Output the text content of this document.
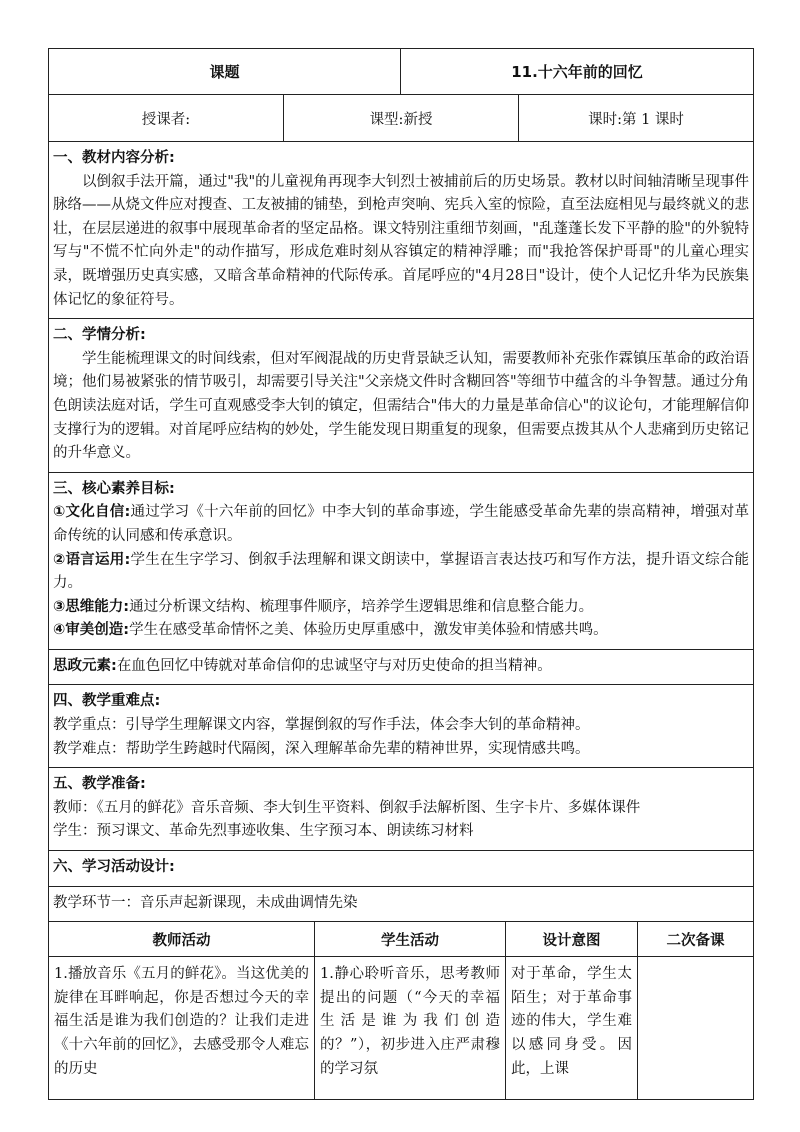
课题		11.十六年前的回忆	
授课者:	课型:新授		课时:第 1 课时

一、教材内容分析:

以倒叙手法开篇，通过"我"的儿童视角再现李大钊烈士被捕前后的历史场景。教材以时间轴清晰呈现事件脉络——从烧文件应对搜查、工友被捕的铺垫，到枪声突响、宪兵入室的惊险，直至法庭相见与最终就义的悲壮，在层层递进的叙事中展现革命者的坚定品格。课文特别注重细节刻画，"乱蓬蓬长发下平静的脸"的外貌特写与"不慌不忙向外走"的动作描写，形成危难时刻从容镇定的精神浮雕；而"我抢答保护哥哥"的儿童心理实录，既增强历史真实感，又暗含革命精神的代际传承。首尾呼应的"4月28日"设计，使个人记忆升华为民族集体记忆的象征符号。			

二、学情分析:

学生能梳理课文的时间线索，但对军阀混战的历史背景缺乏认知，需要教师补充张作霖镇压革命的政治语境；他们易被紧张的情节吸引，却需要引导关注"父亲烧文件时含糊回答"等细节中蕴含的斗争智慧。通过分角色朗读法庭对话，学生可直观感受李大钊的镇定，但需结合"伟大的力量是革命信心"的议论句，才能理解信仰支撑行为的逻辑。对首尾呼应结构的妙处，学生能发现日期重复的现象，但需要点拨其从个人悲痛到历史铭记的升华意义。			

三、核心素养目标:

①文化自信:通过学习《十六年前的回忆》中李大钊的革命事迹，学生能感受革命先辈的崇高精神，增强对革命传统的认同感和传承意识。

②语言运用:学生在生字学习、倒叙手法理解和课文朗读中，掌握语言表达技巧和写作方法，提升语文综合能力。

③思维能力:通过分析课文结构、梳理事件顺序，培养学生逻辑思维和信息整合能力。

④审美创造:学生在感受革命情怀之美、体验历史厚重感中，激发审美体验和情感共鸣。			

思政元素:在血色回忆中铸就对革命信仰的忠诚坚守与对历史使命的担当精神。			

四、教学重难点:

教学重点：引导学生理解课文内容，掌握倒叙的写作手法，体会李大钊的革命精神。

教学难点：帮助学生跨越时代隔阂，深入理解革命先辈的精神世界，实现情感共鸣。			

五、教学准备:

教师：《五月的鲜花》音乐音频、李大钊生平资料、倒叙手法解析图、生字卡片、多媒体课件

学生：预习课文、革命先烈事迹收集、生字预习本、朗读练习材料			

六、学习活动设计:			

教学环节一：音乐声起新课现，未成曲调情先染			

教师活动	学生活动	设计意图	二次备课

1.播放音乐《五月的鲜花》。当这优美的旋律在耳畔响起，你是否想过今天的幸福生活是谁为我们创造的？让我们走进《十六年前的回忆》，去感受那令人难忘的历史	1.静心聆听音乐，思考教师提出的问题（“今天的幸福生活是谁为我们创造的？”），初步进入庄严肃穆的学习氛	对于革命，学生太陌生；对于革命事迹的伟大，学生难以感同身受。因此，上课	
